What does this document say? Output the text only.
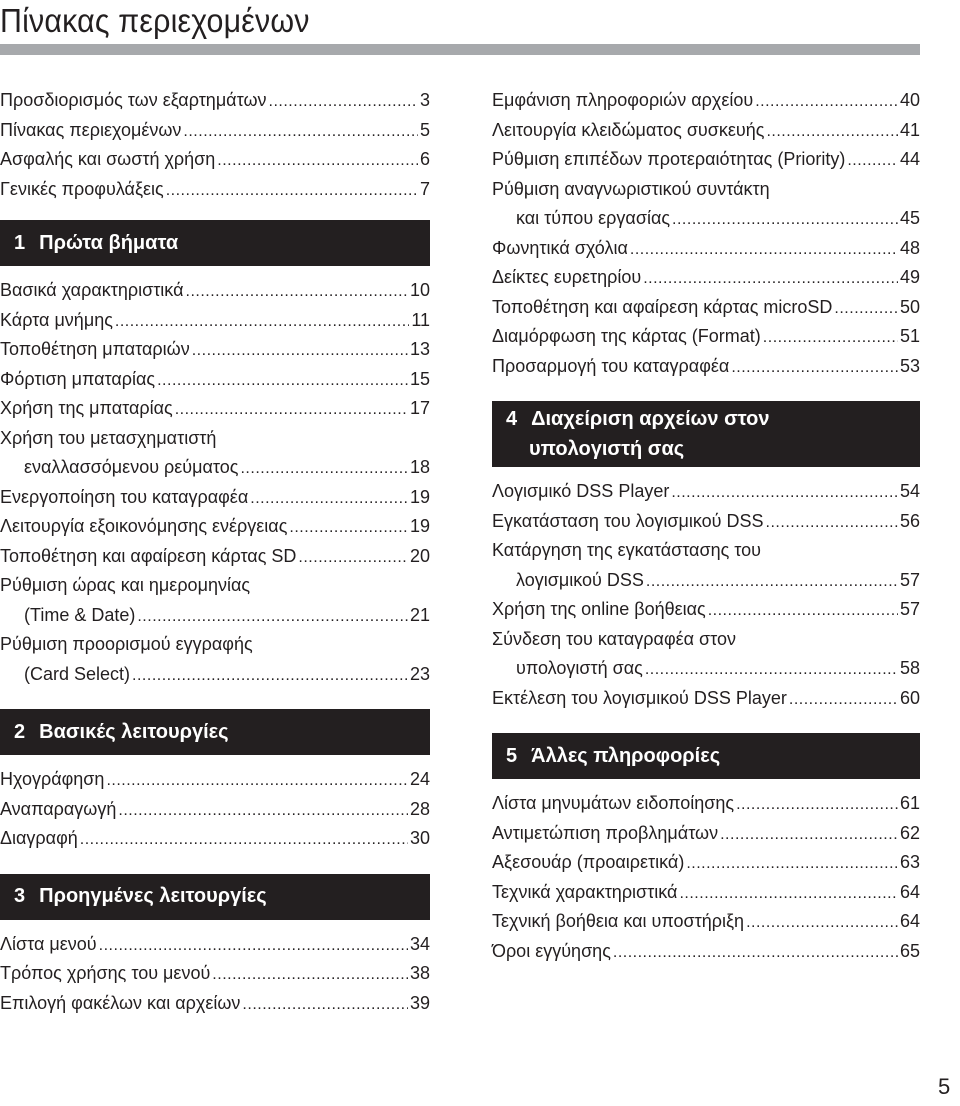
Πίνακας περιεχομένων
Προσδιορισμός των εξαρτημάτων .....	3
Πίνακας περιεχομένων .....	5
Ασφαλής και σωστή χρήση .....	6
Γενικές προφυλάξεις .....	7
1 Πρώτα βήματα
Βασικά χαρακτηριστικά .....	10
Κάρτα μνήμης .....	11
Τοποθέτηση μπαταριών .....	13
Φόρτιση μπαταρίας .....	15
Χρήση της μπαταρίας .....	17
Χρήση του μετασχηματιστή
εναλλασσόμενου ρεύματος .....	18
Ενεργοποίηση του καταγραφέα .....	19
Λειτουργία εξοικονόμησης ενέργειας .....	19
Τοποθέτηση και αφαίρεση κάρτας SD .....	20
Ρύθμιση ώρας και ημερομηνίας
(Time & Date) .....	21
Ρύθμιση προορισμού εγγραφής
(Card Select) .....	23
2 Βασικές λειτουργίες
Ηχογράφηση .....	24
Αναπαραγωγή .....	28
Διαγραφή .....	30
3 Προηγμένες λειτουργίες
Λίστα μενού .....	34
Τρόπος χρήσης του μενού .....	38
Επιλογή φακέλων και αρχείων .....	39
Εμφάνιση πληροφοριών αρχείου .....	40
Λειτουργία κλειδώματος συσκευής .....	41
Ρύθμιση επιπέδων προτεραιότητας (Priority) .....	44
Ρύθμιση αναγνωριστικού συντάκτη
και τύπου εργασίας .....	45
Φωνητικά σχόλια .....	48
Δείκτες ευρετηρίου .....	49
Τοποθέτηση και αφαίρεση κάρτας microSD .....	50
Διαμόρφωση της κάρτας (Format) .....	51
Προσαρμογή του καταγραφέα .....	53
4 Διαχείριση αρχείων στον
υπολογιστή σας
Λογισμικό DSS Player .....	54
Εγκατάσταση του λογισμικού DSS .....	56
Κατάργηση της εγκατάστασης του
λογισμικού DSS .....	57
Χρήση της online βοήθειας .....	57
Σύνδεση του καταγραφέα στον
υπολογιστή σας .....	58
Εκτέλεση του λογισμικού DSS Player .....	60
5 Άλλες πληροφορίες
Λίστα μηνυμάτων ειδοποίησης .....	61
Αντιμετώπιση προβλημάτων .....	62
Αξεσουάρ (προαιρετικά) .....	63
Τεχνικά χαρακτηριστικά .....	64
Τεχνική βοήθεια και υποστήριξη .....	64
Όροι εγγύησης .....	65
5
